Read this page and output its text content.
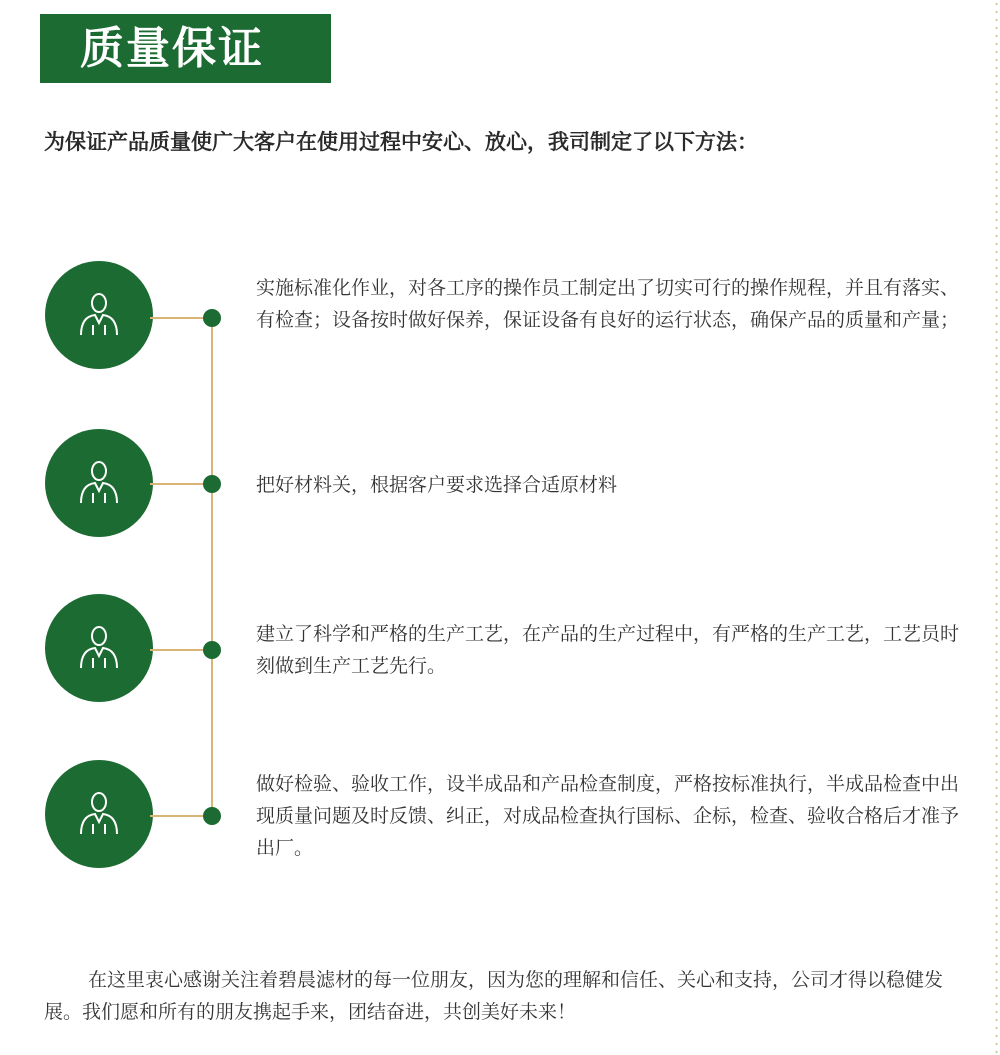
质量保证
为保证产品质量使广大客户在使用过程中安心、放心，我司制定了以下方法：
实施标准化作业，对各工序的操作员工制定出了切实可行的操作规程，并且有落实、有检查；设备按时做好保养，保证设备有良好的运行状态，确保产品的质量和产量；
把好材料关，根据客户要求选择合适原材料
建立了科学和严格的生产工艺，在产品的生产过程中，有严格的生产工艺，工艺员时刻做到生产工艺先行。
做好检验、验收工作，设半成品和产品检查制度，严格按标准执行，半成品检查中出现质量问题及时反馈、纠正，对成品检查执行国标、企标，检查、验收合格后才准予出厂。
在这里衷心感谢关注着碧晨滤材的每一位朋友，因为您的理解和信任、关心和支持，公司才得以稳健发展。我们愿和所有的朋友携起手来，团结奋进，共创美好未来！
